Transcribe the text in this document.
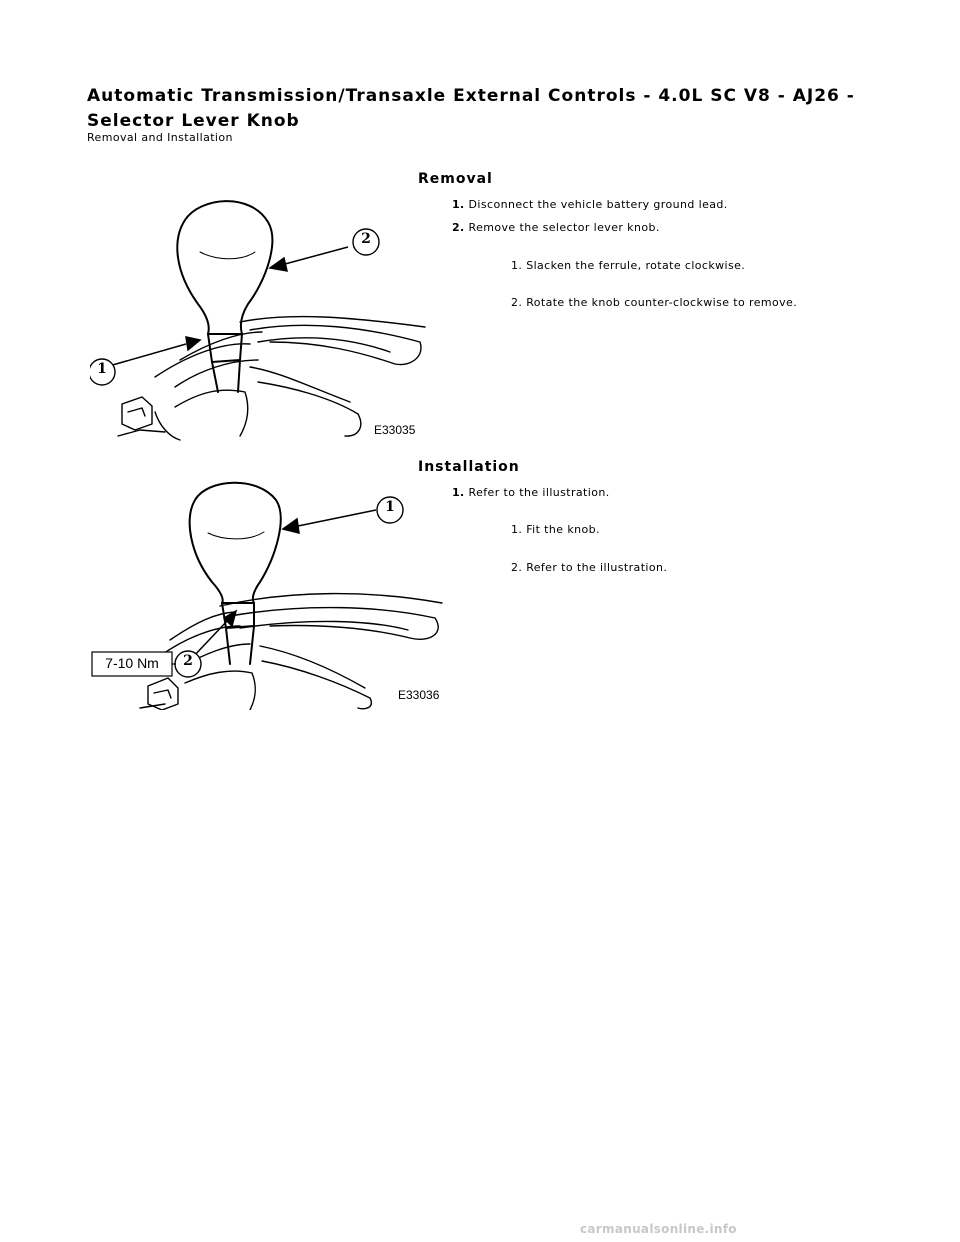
Automatic Transmission/Transaxle External Controls - 4.0L SC V8 - AJ26 - Selector Lever Knob
Removal and Installation
Removal
1. Disconnect the vehicle battery ground lead.
2. Remove the selector lever knob.
1. Slacken the ferrule, rotate clockwise.
2. Rotate the knob counter-clockwise to remove.
1
2
E33035
Installation
1. Refer to the illustration.
1. Fit the knob.
2. Refer to the illustration.
1
2
7-10 Nm
E33036
carmanualsonline.info
